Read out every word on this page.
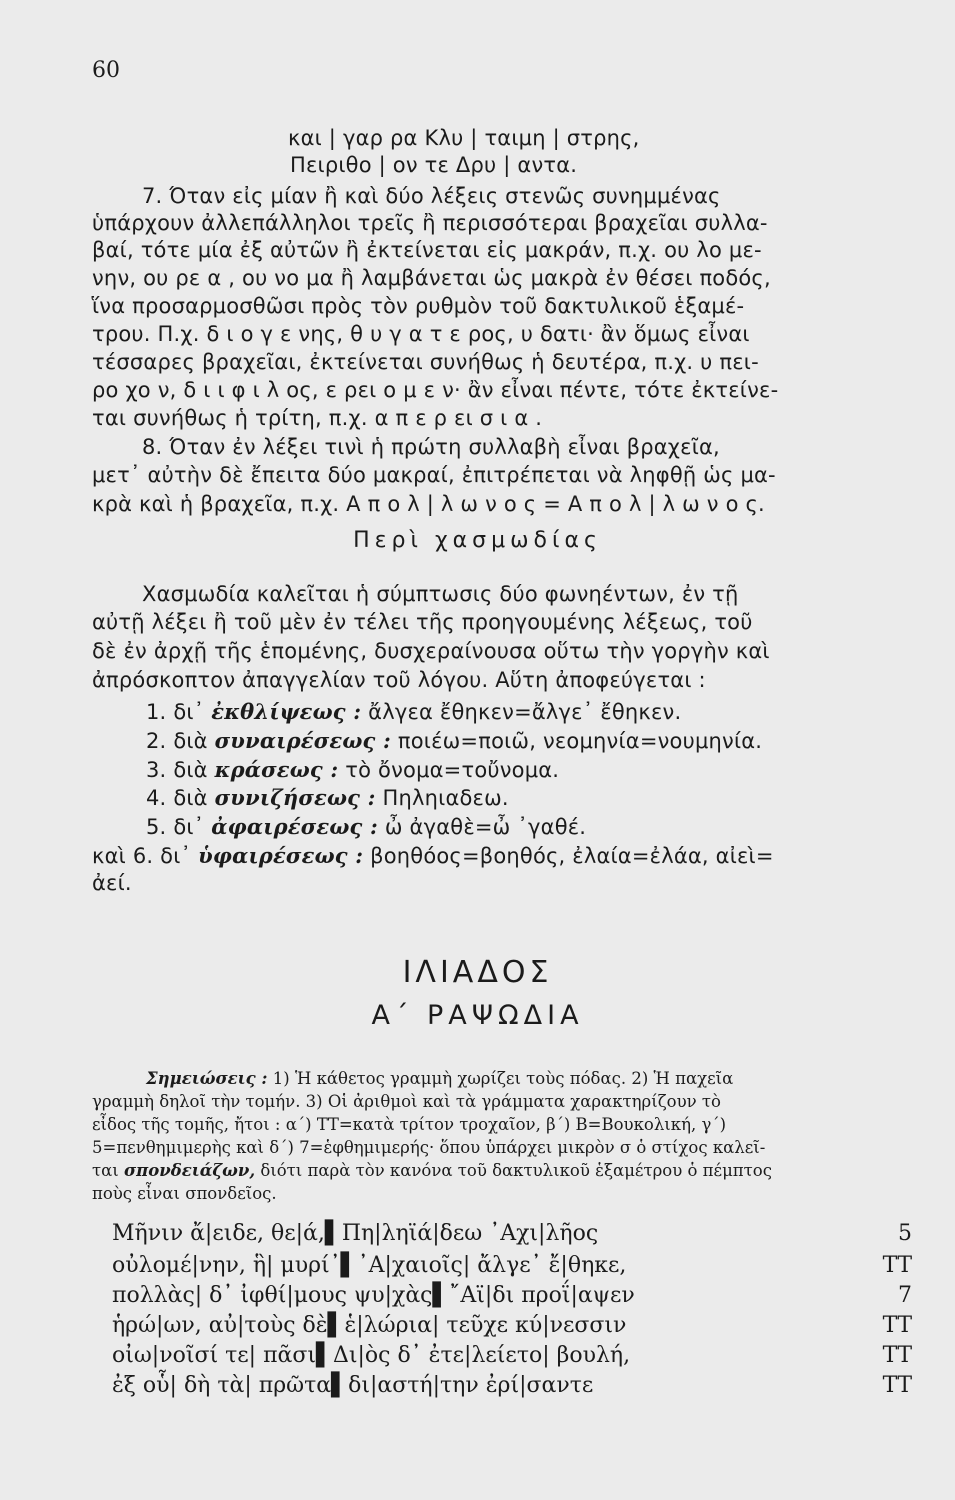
60
και | γαρ ρα Κλυ | ταιμη | στρης,
Πειριθο | ον τε Δρυ | αντα.
7. Όταν εἰς μίαν ἢ καὶ δύο λέξεις στενῶς συνημμένας
ὑπάρχουν ἀλλεπάλληλοι τρεῖς ἢ περισσότεραι βραχεῖαι συλλα-
βαί, τότε μία ἐξ αὐτῶν ἢ ἐκτείνεται εἰς μακράν, π.χ. ου λο με-
νην, ου ρε α , ου νο μα ἢ λαμβάνεται ὡς μακρὰ ἐν θέσει ποδός,
ἵνα προσαρμοσθῶσι πρὸς τὸν ρυθμὸν τοῦ δακτυλικοῦ ἑξαμέ-
τρου. Π.χ. δ ι ο γ ε νης, θ υ γ α τ ε ρος, υ δατι· ἂν ὅμως εἶναι
τέσσαρες βραχεῖαι, ἐκτείνεται συνήθως ἡ δευτέρα, π.χ. υ πει-
ρο χο ν, δ ι ι φ ι λ ος, ε ρει ο μ ε ν· ἂν εἶναι πέντε, τότε ἐκτείνε-
ται συνήθως ἡ τρίτη, π.χ. α π ε ρ ει σ ι α .
8. Όταν ἐν λέξει τινὶ ἡ πρώτη συλλαβὴ εἶναι βραχεῖα,
μετ᾽ αὐτὴν δὲ ἔπειτα δύο μακραί, ἐπιτρέπεται νὰ ληφθῇ ὡς μα-
κρὰ καὶ ἡ βραχεῖα, π.χ. Α π ο λ | λ ω ν ο ς = Α π ο λ | λ ω ν ο ς.
Περὶ χασμωδίας
Χασμωδία καλεῖται ἡ σύμπτωσις δύο φωνηέντων, ἐν τῇ
αὐτῇ λέξει ἢ τοῦ μὲν ἐν τέλει τῆς προηγουμένης λέξεως, τοῦ
δὲ ἐν ἀρχῇ τῆς ἑπομένης, δυσχεραίνουσα οὕτω τὴν γοργὴν καὶ
ἀπρόσκοπτον ἀπαγγελίαν τοῦ λόγου. Αὕτη ἀποφεύγεται :
1. δι᾽ ἐκθλίψεως : ἄλγεα ἔθηκεν=ἄλγε᾽ ἔθηκεν.
2. διὰ συναιρέσεως : ποιέω=ποιῶ, νεομηνία=νουμηνία.
3. διὰ κράσεως : τὸ ὄνομα=τοὔνομα.
4. διὰ συνιζήσεως : Πηληιαδεω.
5. δι᾽ ἀφαιρέσεως : ὦ ἀγαθὲ=ὦ ᾽γαθέ.
καὶ 6. δι᾽ ὑφαιρέσεως : βοηθόος=βοηθός, ἐλαία=ἐλάα, αἰεὶ=
ἀεί.
ΙΛΙΑΔΟΣ
Α΄ ΡΑΨΩΔΙΑ
Σημειώσεις : 1) Ἡ κάθετος γραμμὴ χωρίζει τοὺς πόδας. 2) Ἡ παχεῖα
γραμμὴ δηλοῖ τὴν τομήν. 3) Οἱ ἀριθμοὶ καὶ τὰ γράμματα χαρακτηρίζουν τὸ
εἶδος τῆς τομῆς, ἤτοι : α΄) ΤΤ=κατὰ τρίτον τροχαῖον, β΄) Β=Βουκολική, γ΄)
5=πενθημιμερὴς καὶ δ΄) 7=ἑφθημιμερής· ὅπου ὑπάρχει μικρὸν σ ὁ στίχος καλεῖ-
ται σπονδειάζων, διότι παρὰ τὸν κανόνα τοῦ δακτυλικοῦ ἑξαμέτρου ὁ πέμπτος
ποὺς εἶναι σπονδεῖος.
Μῆνιν ἄ|ειδε, θε|ά,▌Πη|ληϊά|δεω ᾽Αχι|λῆος	5
οὐλομέ|νην, ἣ| μυρί᾽▌᾽Α|χαιοῖς| ἄλγε᾽ ἔ|θηκε,	ΤΤ
πολλὰς| δ᾽ ἰφθί|μους ψυ|χὰς▌῎Αϊ|δι προΐ|αψεν	7
ἡρώ|ων, αὐ|τοὺς δὲ▌ἑ|λώρια| τεῦχε κύ|νεσσιν	ΤΤ
οἰω|νοῖσί τε| πᾶσι▌Δι|ὸς δ᾽ ἐτε|λείετο| βουλή,	ΤΤ
ἐξ οὗ| δὴ τὰ| πρῶτα▌δι|αστή|την ἐρί|σαντε	ΤΤ
